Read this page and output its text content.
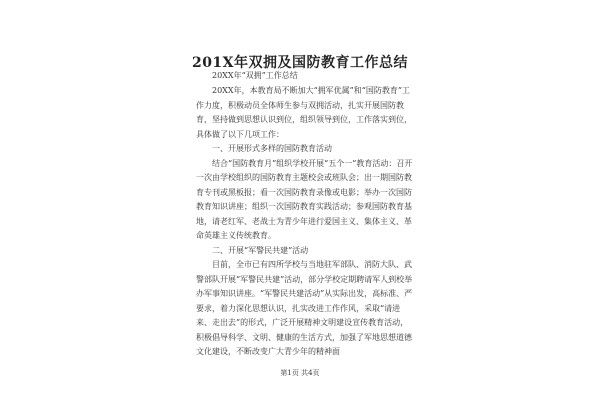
201X年双拥及国防教育工作总结
20XX年“双拥”工作总结

20XX年，本教育局不断加大“拥军优属”和“国防教育”工作力度，积极动员全体师生参与双拥活动，扎实开展国防教育，坚持做到思想认识到位，组织领导到位，工作落实到位，具体做了以下几项工作：

一、开展形式多样的国防教育活动

结合“国防教育月”组织学校开展“五个一”教育活动：召开一次由学校组织的国防教育主题校会或班队会；出一期国防教育专刊或黑板报；看一次国防教育录像或电影；举办一次国防教育知识讲座；组织一次国防教育实践活动；参观国防教育基地，请老红军、老战士为青少年进行爱国主义、集体主义、革命英雄主义传统教育。

二、开展“军警民共建”活动

目前，全市已有四所学校与当地驻军部队、消防大队、武警部队开展“军警民共建”活动，部分学校定期聘请军人到校举办军事知识讲座。“军警民共建活动”从实际出发，高标准、严要求，着力深化思想认识，扎实改进工作作风，采取“请进来、走出去”的形式，广泛开展精神文明建设宣传教育活动，积极倡导科学、文明、健康的生活方式，加强了军地思想道德文化建设，不断改变广大青少年的精神面

第1页 共4页
